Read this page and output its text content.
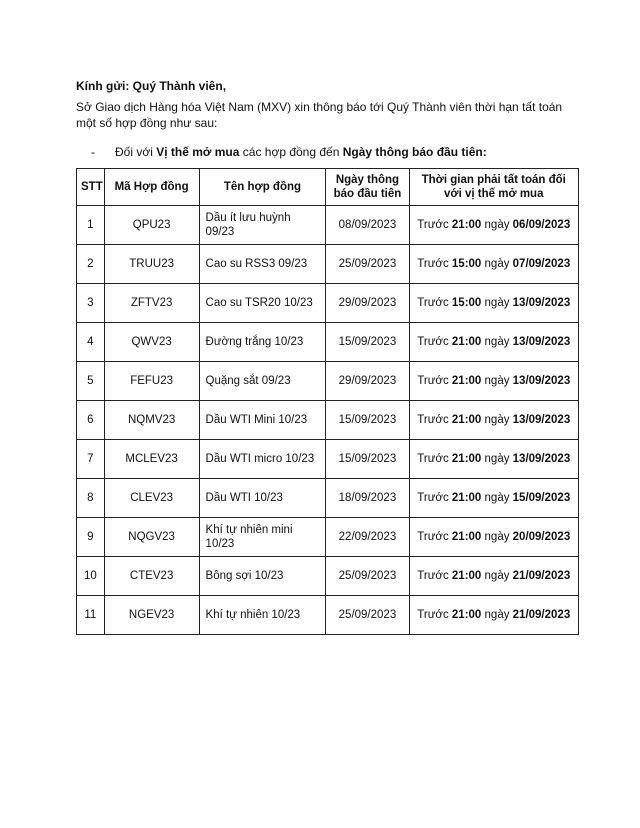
Kính gửi: Quý Thành viên,
Sở Giao dịch Hàng hóa Việt Nam (MXV) xin thông báo tới Quý Thành viên thời hạn tất toán một số hợp đồng như sau:
- Đối với Vị thế mở mua các hợp đồng đến Ngày thông báo đầu tiên:
STT	Mã Hợp đồng	Tên hợp đồng	Ngày thông báo đầu tiên	Thời gian phải tất toán đối với vị thế mở mua
1	QPU23	Dầu ít lưu huỳnh 09/23	08/09/2023	Trước 21:00 ngày 06/09/2023
2	TRUU23	Cao su RSS3 09/23	25/09/2023	Trước 15:00 ngày 07/09/2023
3	ZFTV23	Cao su TSR20 10/23	29/09/2023	Trước 15:00 ngày 13/09/2023
4	QWV23	Đường trắng 10/23	15/09/2023	Trước 21:00 ngày 13/09/2023
5	FEFU23	Quặng sắt 09/23	29/09/2023	Trước 21:00 ngày 13/09/2023
6	NQMV23	Dầu WTI Mini 10/23	15/09/2023	Trước 21:00 ngày 13/09/2023
7	MCLEV23	Dầu WTI micro 10/23	15/09/2023	Trước 21:00 ngày 13/09/2023
8	CLEV23	Dầu WTI 10/23	18/09/2023	Trước 21:00 ngày 15/09/2023
9	NQGV23	Khí tự nhiên mini 10/23	22/09/2023	Trước 21:00 ngày 20/09/2023
10	CTEV23	Bông sợi 10/23	25/09/2023	Trước 21:00 ngày 21/09/2023
11	NGEV23	Khí tự nhiên 10/23	25/09/2023	Trước 21:00 ngày 21/09/2023
